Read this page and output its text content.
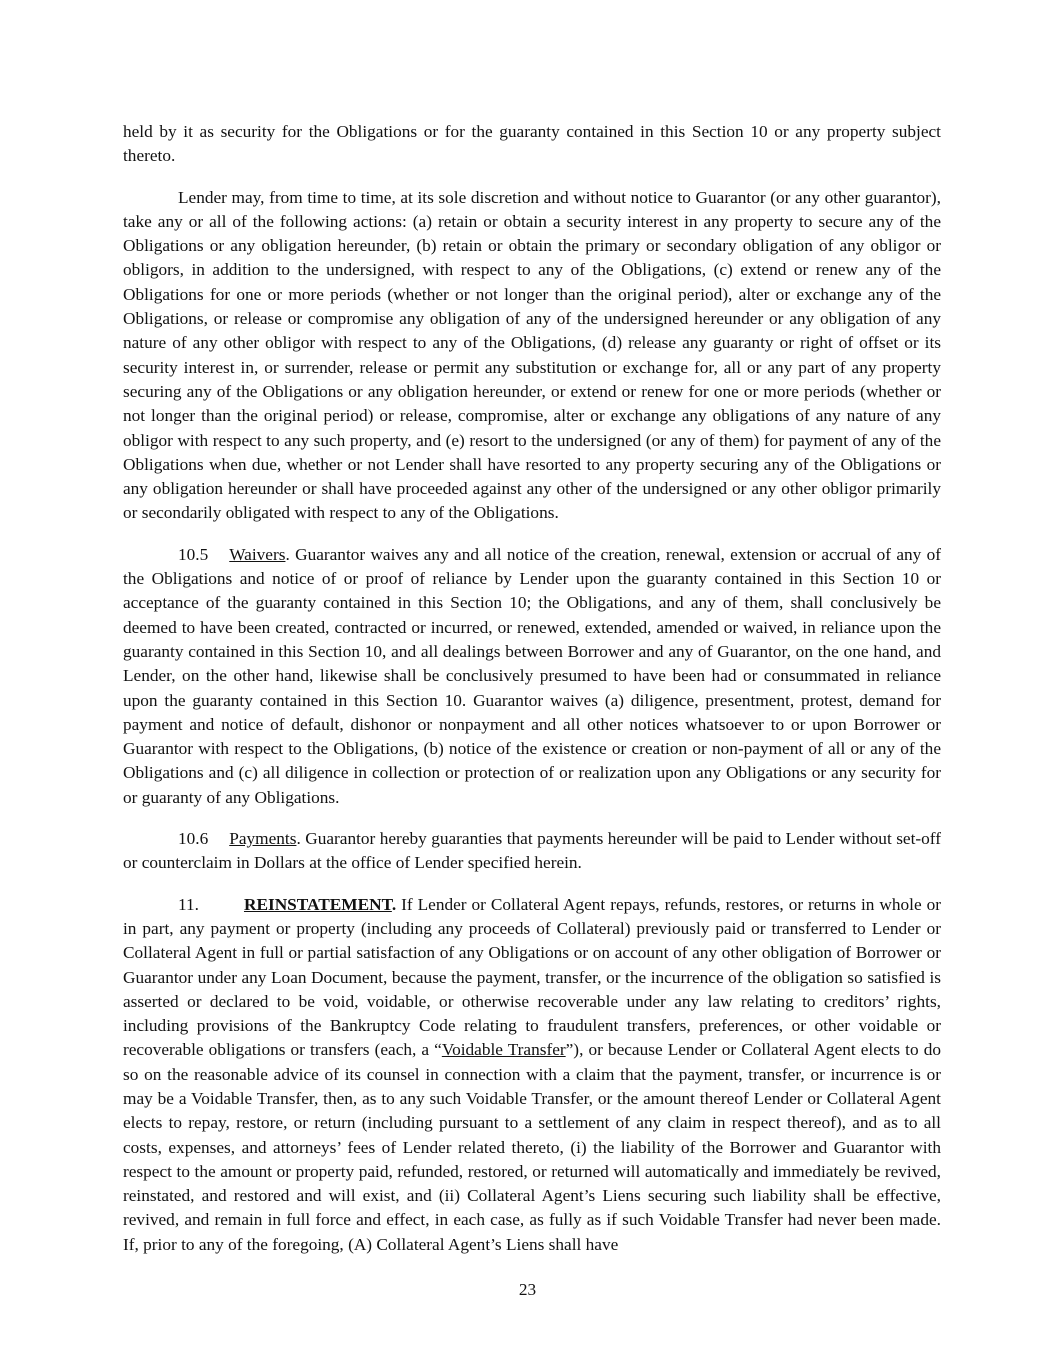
held by it as security for the Obligations or for the guaranty contained in this Section 10 or any property subject thereto.

Lender may, from time to time, at its sole discretion and without notice to Guarantor (or any other guarantor), take any or all of the following actions: (a) retain or obtain a security interest in any property to secure any of the Obligations or any obligation hereunder, (b) retain or obtain the primary or secondary obligation of any obligor or obligors, in addition to the undersigned, with respect to any of the Obligations, (c) extend or renew any of the Obligations for one or more periods (whether or not longer than the original period), alter or exchange any of the Obligations, or release or compromise any obligation of any of the undersigned hereunder or any obligation of any nature of any other obligor with respect to any of the Obligations, (d) release any guaranty or right of offset or its security interest in, or surrender, release or permit any substitution or exchange for, all or any part of any property securing any of the Obligations or any obligation hereunder, or extend or renew for one or more periods (whether or not longer than the original period) or release, compromise, alter or exchange any obligations of any nature of any obligor with respect to any such property, and (e) resort to the undersigned (or any of them) for payment of any of the Obligations when due, whether or not Lender shall have resorted to any property securing any of the Obligations or any obligation hereunder or shall have proceeded against any other of the undersigned or any other obligor primarily or secondarily obligated with respect to any of the Obligations.

10.5 Waivers. Guarantor waives any and all notice of the creation, renewal, extension or accrual of any of the Obligations and notice of or proof of reliance by Lender upon the guaranty contained in this Section 10 or acceptance of the guaranty contained in this Section 10; the Obligations, and any of them, shall conclusively be deemed to have been created, contracted or incurred, or renewed, extended, amended or waived, in reliance upon the guaranty contained in this Section 10, and all dealings between Borrower and any of Guarantor, on the one hand, and Lender, on the other hand, likewise shall be conclusively presumed to have been had or consummated in reliance upon the guaranty contained in this Section 10. Guarantor waives (a) diligence, presentment, protest, demand for payment and notice of default, dishonor or nonpayment and all other notices whatsoever to or upon Borrower or Guarantor with respect to the Obligations, (b) notice of the existence or creation or non-payment of all or any of the Obligations and (c) all diligence in collection or protection of or realization upon any Obligations or any security for or guaranty of any Obligations.

10.6 Payments. Guarantor hereby guaranties that payments hereunder will be paid to Lender without set-off or counterclaim in Dollars at the office of Lender specified herein.

11.	REINSTATEMENT. If Lender or Collateral Agent repays, refunds, restores, or returns in whole or in part, any payment or property (including any proceeds of Collateral) previously paid or transferred to Lender or Collateral Agent in full or partial satisfaction of any Obligations or on account of any other obligation of Borrower or Guarantor under any Loan Document, because the payment, transfer, or the incurrence of the obligation so satisfied is asserted or declared to be void, voidable, or otherwise recoverable under any law relating to creditors’ rights, including provisions of the Bankruptcy Code relating to fraudulent transfers, preferences, or other voidable or recoverable obligations or transfers (each, a “Voidable Transfer”), or because Lender or Collateral Agent elects to do so on the reasonable advice of its counsel in connection with a claim that the payment, transfer, or incurrence is or may be a Voidable Transfer, then, as to any such Voidable Transfer, or the amount thereof Lender or Collateral Agent elects to repay, restore, or return (including pursuant to a settlement of any claim in respect thereof), and as to all costs, expenses, and attorneys’ fees of Lender related thereto, (i) the liability of the Borrower and Guarantor with respect to the amount or property paid, refunded, restored, or returned will automatically and immediately be revived, reinstated, and restored and will exist, and (ii) Collateral Agent’s Liens securing such liability shall be effective, revived, and remain in full force and effect, in each case, as fully as if such Voidable Transfer had never been made. If, prior to any of the foregoing, (A) Collateral Agent’s Liens shall have

23
